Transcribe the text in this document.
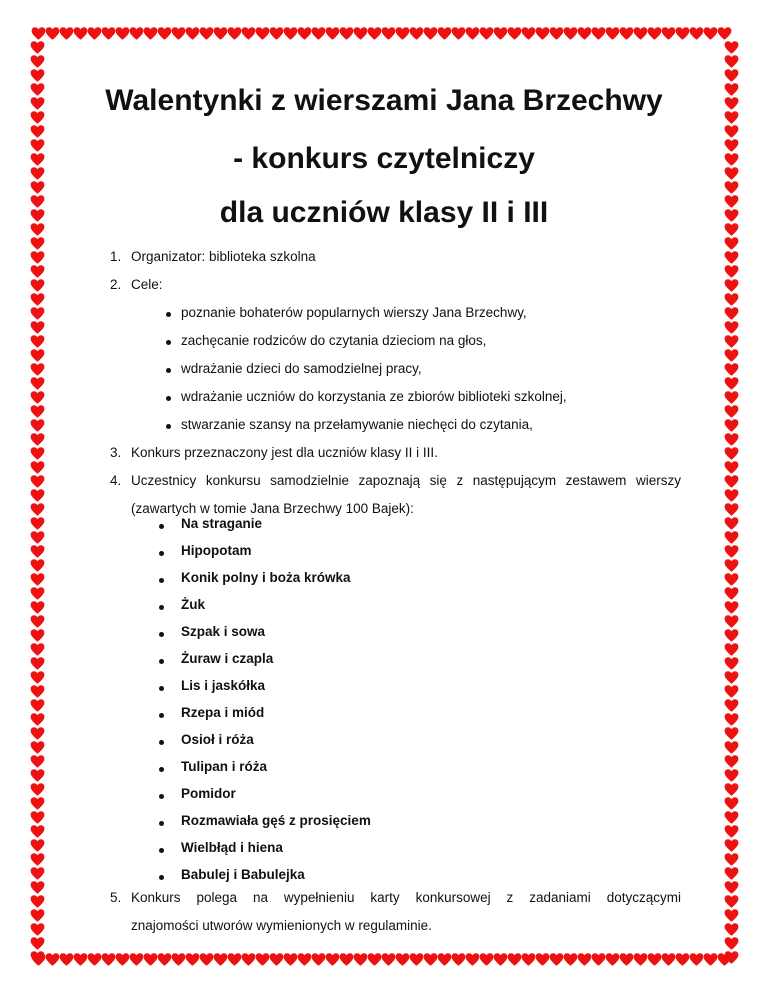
Walentynki z wierszami Jana Brzechwy
- konkurs czytelniczy
dla uczniów klasy II i III
1. Organizator: biblioteka szkolna
2. Cele:
poznanie bohaterów popularnych wierszy Jana Brzechwy,
zachęcanie rodziców do czytania dzieciom na głos,
wdrażanie dzieci do samodzielnej pracy,
wdrażanie uczniów do korzystania ze zbiorów biblioteki szkolnej,
stwarzanie szansy na przełamywanie niechęci do czytania,
3. Konkurs przeznaczony jest dla uczniów klasy II i III.
4. Uczestnicy konkursu samodzielnie zapoznają się z następującym zestawem wierszy
(zawartych w tomie Jana Brzechwy 100 Bajek):
Na straganie
Hipopotam
Konik polny i boża krówka
Żuk
Szpak i sowa
Żuraw i czapla
Lis i jaskółka
Rzepa i miód
Osioł i róża
Tulipan i róża
Pomidor
Rozmawiała gęś z prosięciem
Wielbłąd i hiena
Babulej i Babulejka
5. Konkurs polega na wypełnieniu karty konkursowej z zadaniami dotyczącymi
znajomości utworów wymienionych w regulaminie.
